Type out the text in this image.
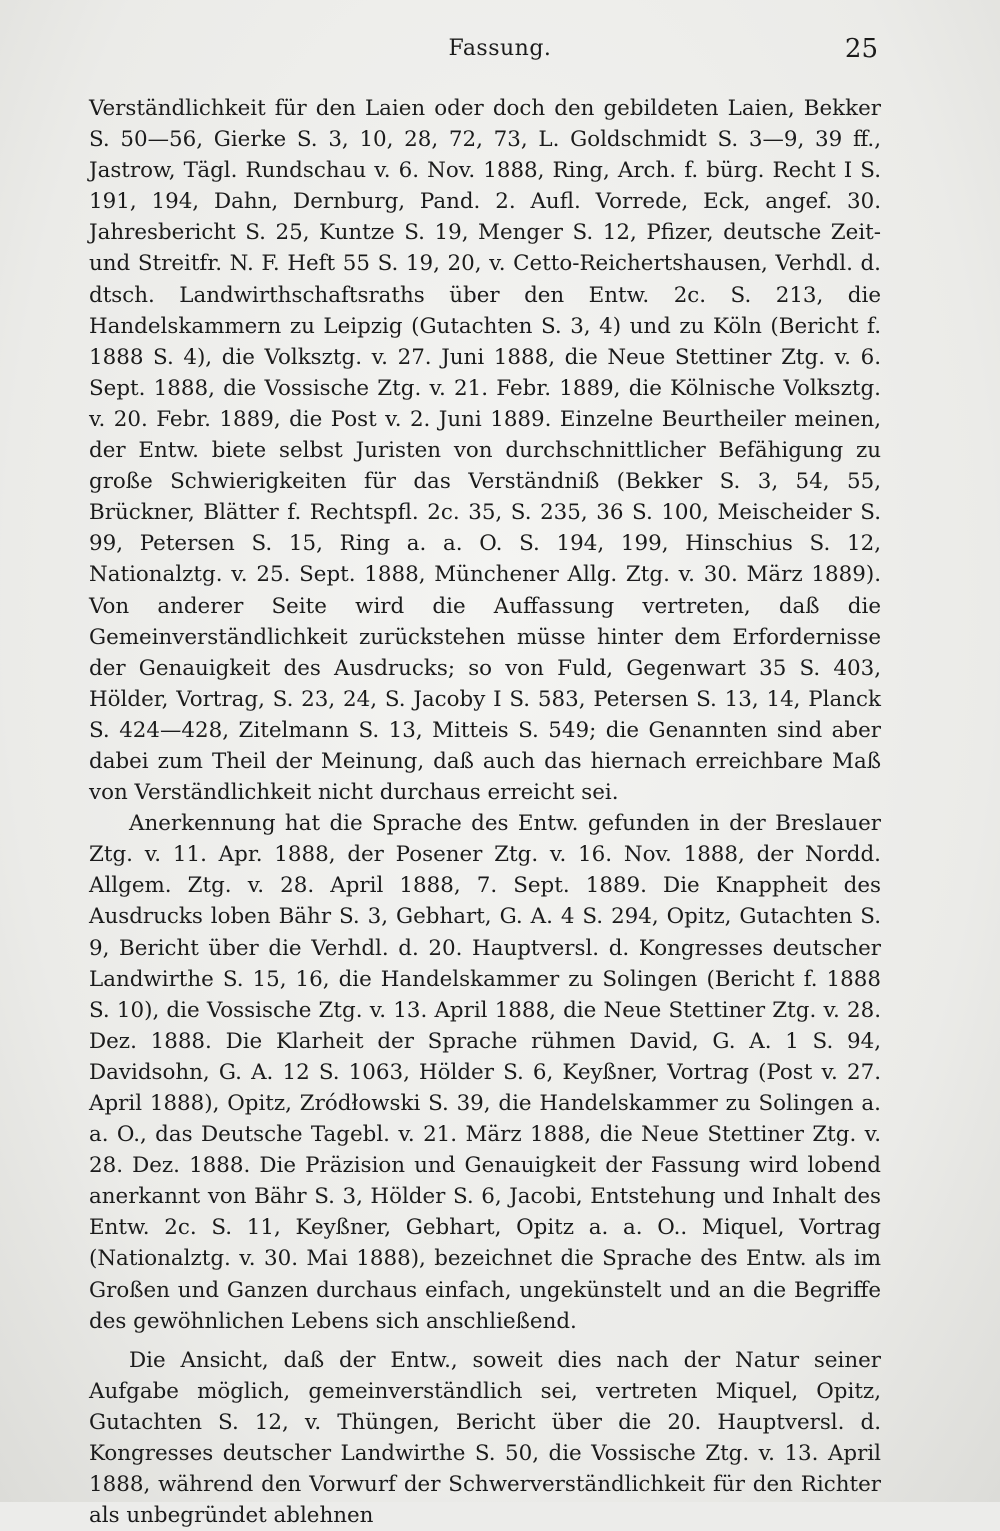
Fassung.	25

Verständlichkeit für den Laien oder doch den gebildeten Laien, Bekker S. 50—56, Gierke S. 3, 10, 28, 72, 73, L. Goldschmidt S. 3—9, 39 ff., Jastrow, Tägl. Rundschau v. 6. Nov. 1888, Ring, Arch. f. bürg. Recht I S. 191, 194, Dahn, Dernburg, Pand. 2. Aufl. Vorrede, Eck, angef. 30. Jahresbericht S. 25, Kuntze S. 19, Menger S. 12, Pfizer, deutsche Zeit- und Streitfr. N. F. Heft 55 S. 19, 20, v. Cetto-Reichertshausen, Verhdl. d. dtsch. Landwirthschaftsraths über den Entw. 2c. S. 213, die Handelskammern zu Leipzig (Gutachten S. 3, 4) und zu Köln (Bericht f. 1888 S. 4), die Volksztg. v. 27. Juni 1888, die Neue Stettiner Ztg. v. 6. Sept. 1888, die Vossische Ztg. v. 21. Febr. 1889, die Kölnische Volksztg. v. 20. Febr. 1889, die Post v. 2. Juni 1889. Einzelne Beurtheiler meinen, der Entw. biete selbst Juristen von durchschnittlicher Befähigung zu große Schwierigkeiten für das Verständniß (Bekker S. 3, 54, 55, Brückner, Blätter f. Rechtspfl. 2c. 35, S. 235, 36 S. 100, Meischeider S. 99, Petersen S. 15, Ring a. a. O. S. 194, 199, Hinschius S. 12, Nationalztg. v. 25. Sept. 1888, Münchener Allg. Ztg. v. 30. März 1889). Von anderer Seite wird die Auffassung vertreten, daß die Gemeinverständlichkeit zurückstehen müsse hinter dem Erfordernisse der Genauigkeit des Ausdrucks; so von Fuld, Gegenwart 35 S. 403, Hölder, Vortrag, S. 23, 24, S. Jacoby I S. 583, Petersen S. 13, 14, Planck S. 424—428, Zitelmann S. 13, Mitteis S. 549; die Genannten sind aber dabei zum Theil der Meinung, daß auch das hiernach erreichbare Maß von Verständlichkeit nicht durchaus erreicht sei.

Anerkennung hat die Sprache des Entw. gefunden in der Breslauer Ztg. v. 11. Apr. 1888, der Posener Ztg. v. 16. Nov. 1888, der Nordd. Allgem. Ztg. v. 28. April 1888, 7. Sept. 1889. Die Knappheit des Ausdrucks loben Bähr S. 3, Gebhart, G. A. 4 S. 294, Opitz, Gutachten S. 9, Bericht über die Verhdl. d. 20. Hauptversl. d. Kongresses deutscher Landwirthe S. 15, 16, die Handelskammer zu Solingen (Bericht f. 1888 S. 10), die Vossische Ztg. v. 13. April 1888, die Neue Stettiner Ztg. v. 28. Dez. 1888. Die Klarheit der Sprache rühmen David, G. A. 1 S. 94, Davidsohn, G. A. 12 S. 1063, Hölder S. 6, Keyßner, Vortrag (Post v. 27. April 1888), Opitz, Zródłowski S. 39, die Handelskammer zu Solingen a. a. O., das Deutsche Tagebl. v. 21. März 1888, die Neue Stettiner Ztg. v. 28. Dez. 1888. Die Präzision und Genauigkeit der Fassung wird lobend anerkannt von Bähr S. 3, Hölder S. 6, Jacobi, Entstehung und Inhalt des Entw. 2c. S. 11, Keyßner, Gebhart, Opitz a. a. O.. Miquel, Vortrag (Nationalztg. v. 30. Mai 1888), bezeichnet die Sprache des Entw. als im Großen und Ganzen durchaus einfach, ungekünstelt und an die Begriffe des gewöhnlichen Lebens sich anschließend.

Die Ansicht, daß der Entw., soweit dies nach der Natur seiner Aufgabe möglich, gemeinverständlich sei, vertreten Miquel, Opitz, Gutachten S. 12, v. Thüngen, Bericht über die 20. Hauptversl. d. Kongresses deutscher Landwirthe S. 50, die Vossische Ztg. v. 13. April 1888, während den Vorwurf der Schwerverständlichkeit für den Richter als unbegründet ablehnen
